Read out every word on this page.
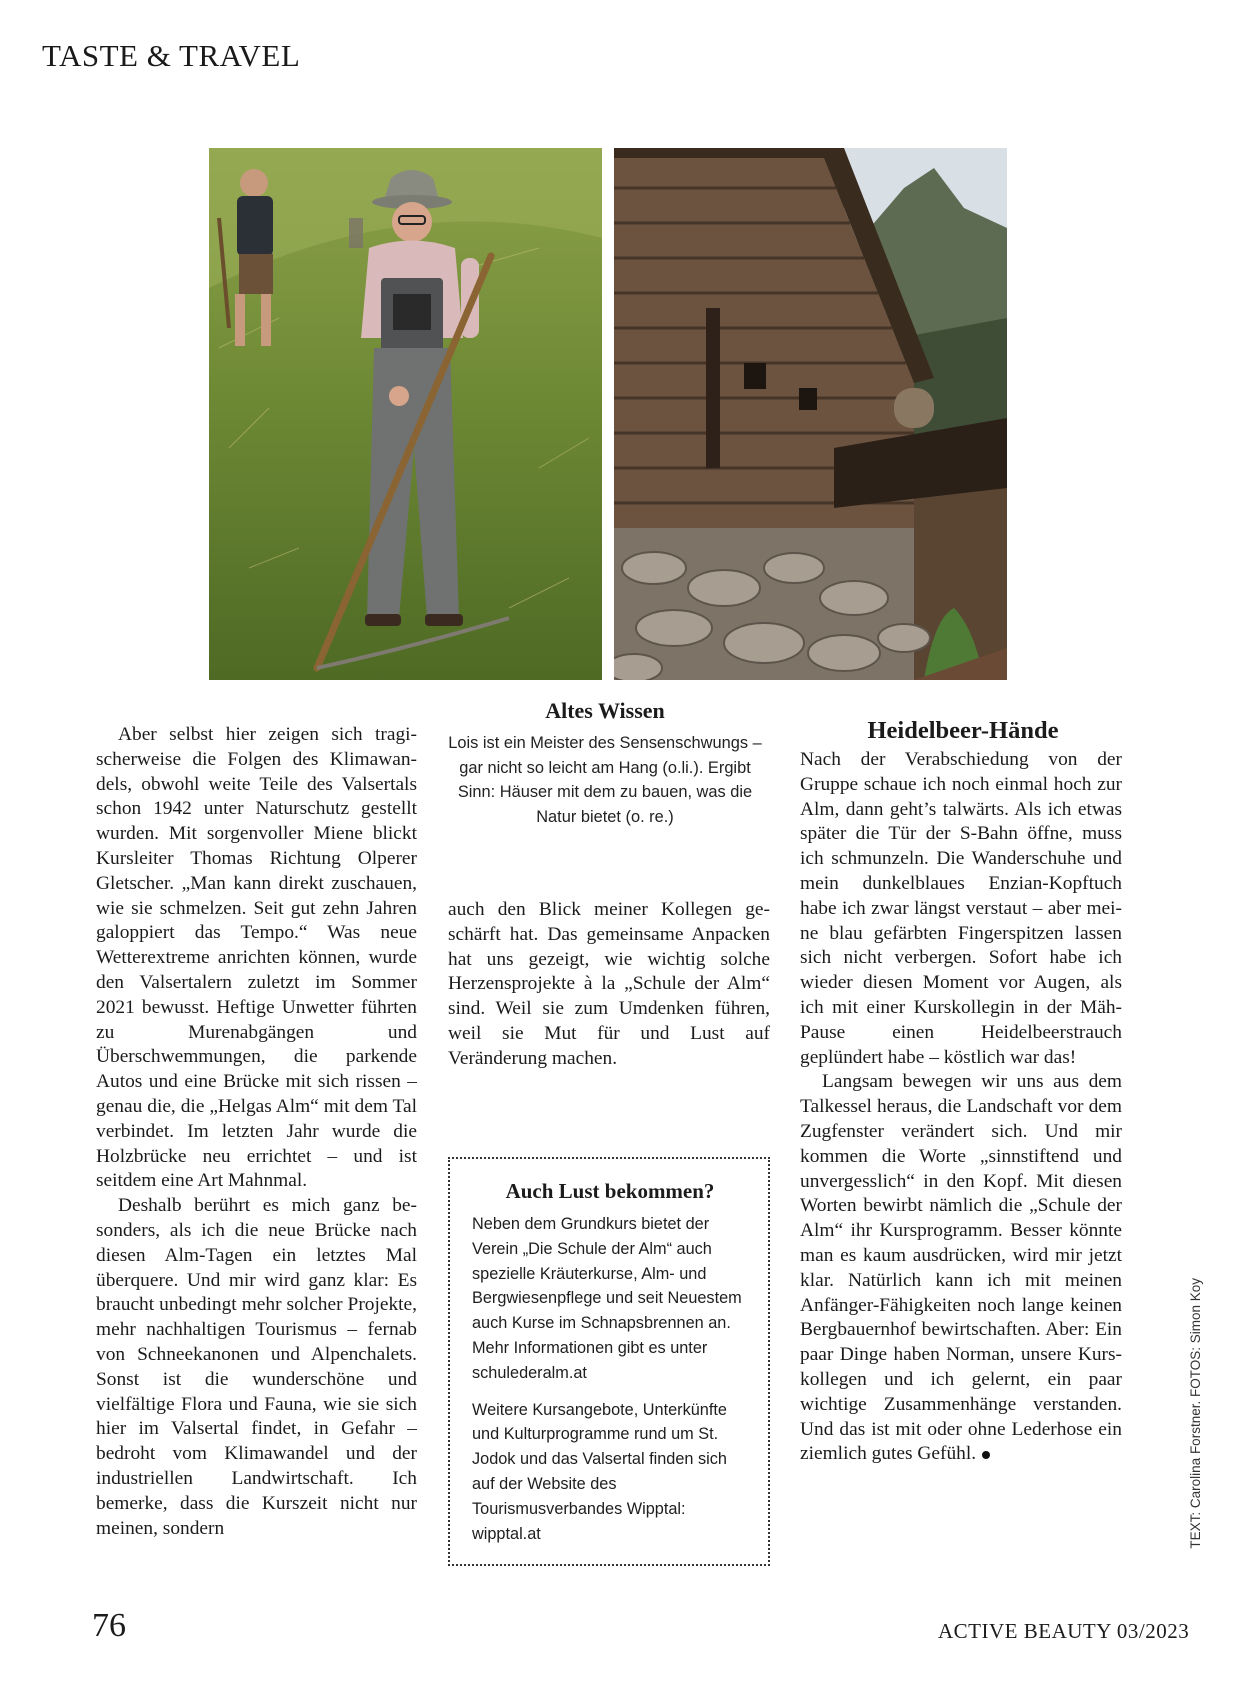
TASTE & TRAVEL

Aber selbst hier zeigen sich tragischerweise die Folgen des Klimawandels, obwohl weite Teile des Valsertals schon 1942 unter Naturschutz gestellt wurden. Mit sorgenvoller Miene blickt Kursleiter Thomas Richtung Olperer Gletscher. „Man kann direkt zuschauen, wie sie schmelzen. Seit gut zehn Jahren galoppiert das Tempo.“ Was neue Wetterextreme anrichten können, wurde den Valsertalern zuletzt im Sommer 2021 bewusst. Heftige Unwetter führten zu Murenabgängen und Überschwemmungen, die parkende Autos und eine Brücke mit sich rissen – genau die, die „Helgas Alm“ mit dem Tal verbindet. Im letzten Jahr wurde die Holzbrücke neu errichtet – und ist seitdem eine Art Mahnmal.

Deshalb berührt es mich ganz besonders, als ich die neue Brücke nach diesen Alm-Tagen ein letztes Mal überquere. Und mir wird ganz klar: Es braucht unbedingt mehr solcher Projekte, mehr nachhaltigen Tourismus – fernab von Schneekanonen und Alpenchalets. Sonst ist die wunderschöne und vielfältige Flora und Fauna, wie sie sich hier im Valsertal findet, in Gefahr – bedroht vom Klimawandel und der industriellen Landwirtschaft. Ich bemerke, dass die Kurszeit nicht nur meinen, sondern

Altes Wissen
Lois ist ein Meister des Sensenschwungs – gar nicht so leicht am Hang (o.li.). Ergibt Sinn: Häuser mit dem zu bauen, was die Natur bietet (o. re.)

auch den Blick meiner Kollegen geschärft hat. Das gemeinsame Anpacken hat uns gezeigt, wie wichtig solche Herzensprojekte à la „Schule der Alm“ sind. Weil sie zum Umdenken führen, weil sie Mut für und Lust auf Veränderung machen.

Auch Lust bekommen?

Neben dem Grundkurs bietet der Verein „Die Schule der Alm“ auch spezielle Kräuterkurse, Alm- und Bergwiesenpflege und seit Neuestem auch Kurse im Schnapsbrennen an. Mehr Informationen gibt es unter schulederalm.at

Weitere Kursangebote, Unterkünfte und Kulturprogramme rund um St. Jodok und das Valsertal finden sich auf der Website des Tourismusverbandes Wipptal: wipptal.at

Heidelbeer-Hände

Nach der Verabschiedung von der Gruppe schaue ich noch einmal hoch zur Alm, dann geht’s talwärts. Als ich etwas später die Tür der S-Bahn öffne, muss ich schmunzeln. Die Wanderschuhe und mein dunkelblaues Enzian-Kopftuch habe ich zwar längst verstaut – aber meine blau gefärbten Fingerspitzen lassen sich nicht verbergen. Sofort habe ich wieder diesen Moment vor Augen, als ich mit einer Kurskollegin in der Mäh-Pause einen Heidelbeerstrauch geplündert habe – köstlich war das!

Langsam bewegen wir uns aus dem Talkessel heraus, die Landschaft vor dem Zugfenster verändert sich. Und mir kommen die Worte „sinnstiftend und unvergesslich“ in den Kopf. Mit diesen Worten bewirbt nämlich die „Schule der Alm“ ihr Kursprogramm. Besser könnte man es kaum ausdrücken, wird mir jetzt klar. Natürlich kann ich mit meinen Anfänger-Fähigkeiten noch lange keinen Bergbauernhof bewirtschaften. Aber: Ein paar Dinge haben Norman, unsere Kurskollegen und ich gelernt, ein paar wichtige Zusammenhänge verstanden. Und das ist mit oder ohne Lederhose ein ziemlich gutes Gefühl.	TEXT: Carolina Forstner. FOTOS: Simon Koy
76	ACTIVE BEAUTY 03/2023
